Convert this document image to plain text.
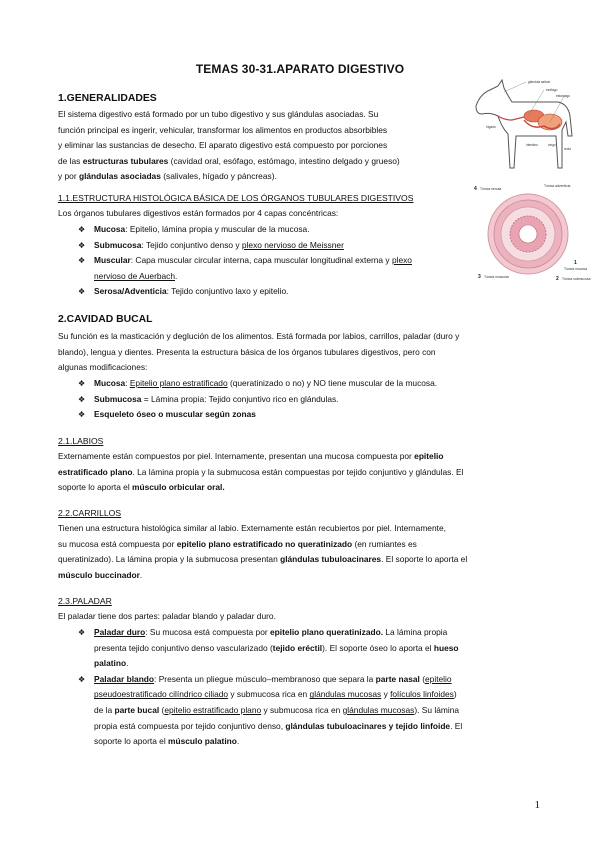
TEMAS 30-31.APARATO DIGESTIVO
1.GENERALIDADES
El sistema digestivo está formado por un tubo digestivo y sus glándulas asociadas. Su
función principal es ingerir, vehicular, transformar los alimentos en productos absorbibles
y eliminar las sustancias de desecho. El aparato digestivo está compuesto por porciones
de las estructuras tubulares (cavidad oral, esófago, estómago, intestino delgado y grueso)
y por glándulas asociadas (salivales, hígado y páncreas).
glándula salivar
esófago
estómago
hígado
intestino	ciego
recto
4 Túnica serosa
Túnica adventicia
3 Túnica muscular
Túnica mucosa
2 Túnica submucosa
1
1.1.ESTRUCTURA HISTOLÓGICA BÁSICA DE LOS ÓRGANOS TUBULARES DIGESTIVOS
Los órganos tubulares digestivos están formados por 4 capas concéntricas:
❖ Mucosa: Epitelio, lámina propia y muscular de la mucosa.
❖ Submucosa: Tejido conjuntivo denso y plexo nervioso de Meissner
❖ Muscular: Capa muscular circular interna, capa muscular longitudinal externa y plexo
nervioso de Auerbach.
❖ Serosa/Adventicia: Tejido conjuntivo laxo y epitelio.
2.CAVIDAD BUCAL
Su función es la masticación y deglución de los alimentos. Está formada por labios, carrillos, paladar (duro y
blando), lengua y dientes. Presenta la estructura básica de los órganos tubulares digestivos, pero con
algunas modificaciones:
❖ Mucosa: Epitelio plano estratificado (queratinizado o no) y NO tiene muscular de la mucosa.
❖ Submucosa = Lámina propia: Tejido conjuntivo rico en glándulas.
❖ Esqueleto óseo o muscular según zonas
2.1.LABIOS
Externamente están compuestos por piel. Internamente, presentan una mucosa compuesta por epitelio
estratificado plano. La lámina propia y la submucosa están compuestas por tejido conjuntivo y glándulas. El
soporte lo aporta el músculo orbicular oral.
2.2.CARRILLOS
Tienen una estructura histológica similar al labio. Externamente están recubiertos por piel. Internamente,
su mucosa está compuesta por epitelio plano estratificado no queratinizado (en rumiantes es
queratinizado). La lámina propia y la submucosa presentan glándulas tubuloacinares. El soporte lo aporta el
músculo buccinador.
2.3.PALADAR
El paladar tiene dos partes: paladar blando y paladar duro.
❖ Paladar duro: Su mucosa está compuesta por epitelio plano queratinizado. La lámina propia
presenta tejido conjuntivo denso vascularizado (tejido eréctil). El soporte óseo lo aporta el hueso
palatino.
❖ Paladar blando: Presenta un pliegue músculo–membranoso que separa la parte nasal (epitelio
pseudoestratificado cilíndrico ciliado y submucosa rica en glándulas mucosas y folículos linfoides)
de la parte bucal (epitelio estratificado plano y submucosa rica en glándulas mucosas). Su lámina
propia está compuesta por tejido conjuntivo denso, glándulas tubuloacinares y tejido linfoide. El
soporte lo aporta el músculo palatino.
1
